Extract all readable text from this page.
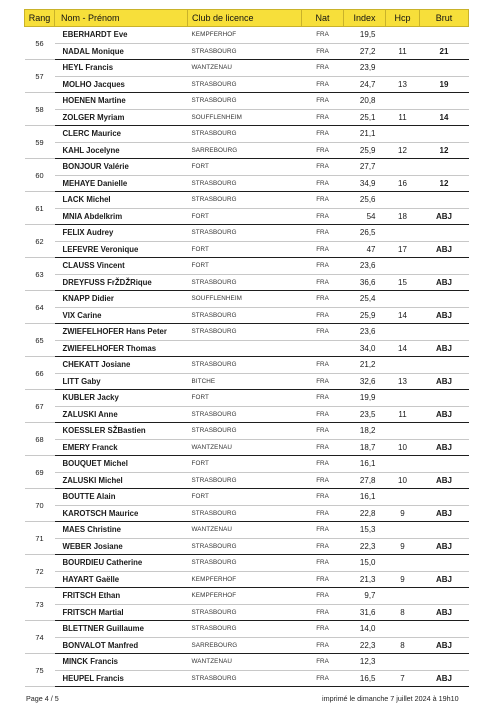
Rang	Nom - Prénom	Club de licence	Nat	Index	Hcp	Brut
56	EBERHARDT Eve	KEMPFERHOF	FRA	19,5		
	NADAL Monique	STRASBOURG	FRA	27,2	11	21
57	HEYL Francis	WANTZENAU	FRA	23,9		
	MOLHO Jacques	STRASBOURG	FRA	24,7	13	19
58	HOENEN Martine	STRASBOURG	FRA	20,8		
	ZOLGER Myriam	SOUFFLENHEIM	FRA	25,1	11	14
59	CLERC Maurice	STRASBOURG	FRA	21,1		
	KAHL Jocelyne	SARREBOURG	FRA	25,9	12	12
60	BONJOUR Valérie	FORT	FRA	27,7		
	MEHAYE Danielle	STRASBOURG	FRA	34,9	16	12
61	LACK Michel	STRASBOURG	FRA	25,6		
	MNIA Abdelkrim	FORT	FRA	54	18	ABJ
62	FELIX Audrey	STRASBOURG	FRA	26,5		
	LEFEVRE Veronique	FORT	FRA	47	17	ABJ
63	CLAUSS Vincent	FORT	FRA	23,6		
	DREYFUSS FrŽDŽRique	STRASBOURG	FRA	36,6	15	ABJ
64	KNAPP Didier	SOUFFLENHEIM	FRA	25,4		
	VIX Carine	STRASBOURG	FRA	25,9	14	ABJ
65	ZWIEFELHOFER Hans Peter	STRASBOURG	FRA	23,6		
	ZWIEFELHOFER Thomas			34,0	14	ABJ
66	CHEKATT Josiane	STRASBOURG	FRA	21,2		
	LITT Gaby	BITCHE	FRA	32,6	13	ABJ
67	KUBLER Jacky	FORT	FRA	19,9		
	ZALUSKI Anne	STRASBOURG	FRA	23,5	11	ABJ
68	KOESSLER SŽBastien	STRASBOURG	FRA	18,2		
	EMERY Franck	WANTZENAU	FRA	18,7	10	ABJ
69	BOUQUET Michel	FORT	FRA	16,1		
	ZALUSKI Michel	STRASBOURG	FRA	27,8	10	ABJ
70	BOUTTE Alain	FORT	FRA	16,1		
	KAROTSCH Maurice	STRASBOURG	FRA	22,8	9	ABJ
71	MAES Christine	WANTZENAU	FRA	15,3		
	WEBER Josiane	STRASBOURG	FRA	22,3	9	ABJ
72	BOURDIEU Catherine	STRASBOURG	FRA	15,0		
	HAYART Gaëlle	KEMPFERHOF	FRA	21,3	9	ABJ
73	FRITSCH Ethan	KEMPFERHOF	FRA	9,7		
	FRITSCH Martial	STRASBOURG	FRA	31,6	8	ABJ
74	BLETTNER Guillaume	STRASBOURG	FRA	14,0		
	BONVALOT Manfred	SARREBOURG	FRA	22,3	8	ABJ
75	MINCK Francis	WANTZENAU	FRA	12,3		
	HEUPEL Francis	STRASBOURG	FRA	16,5	7	ABJ
Page 4 / 5	imprimé le dimanche 7 juillet 2024 à 19h10
